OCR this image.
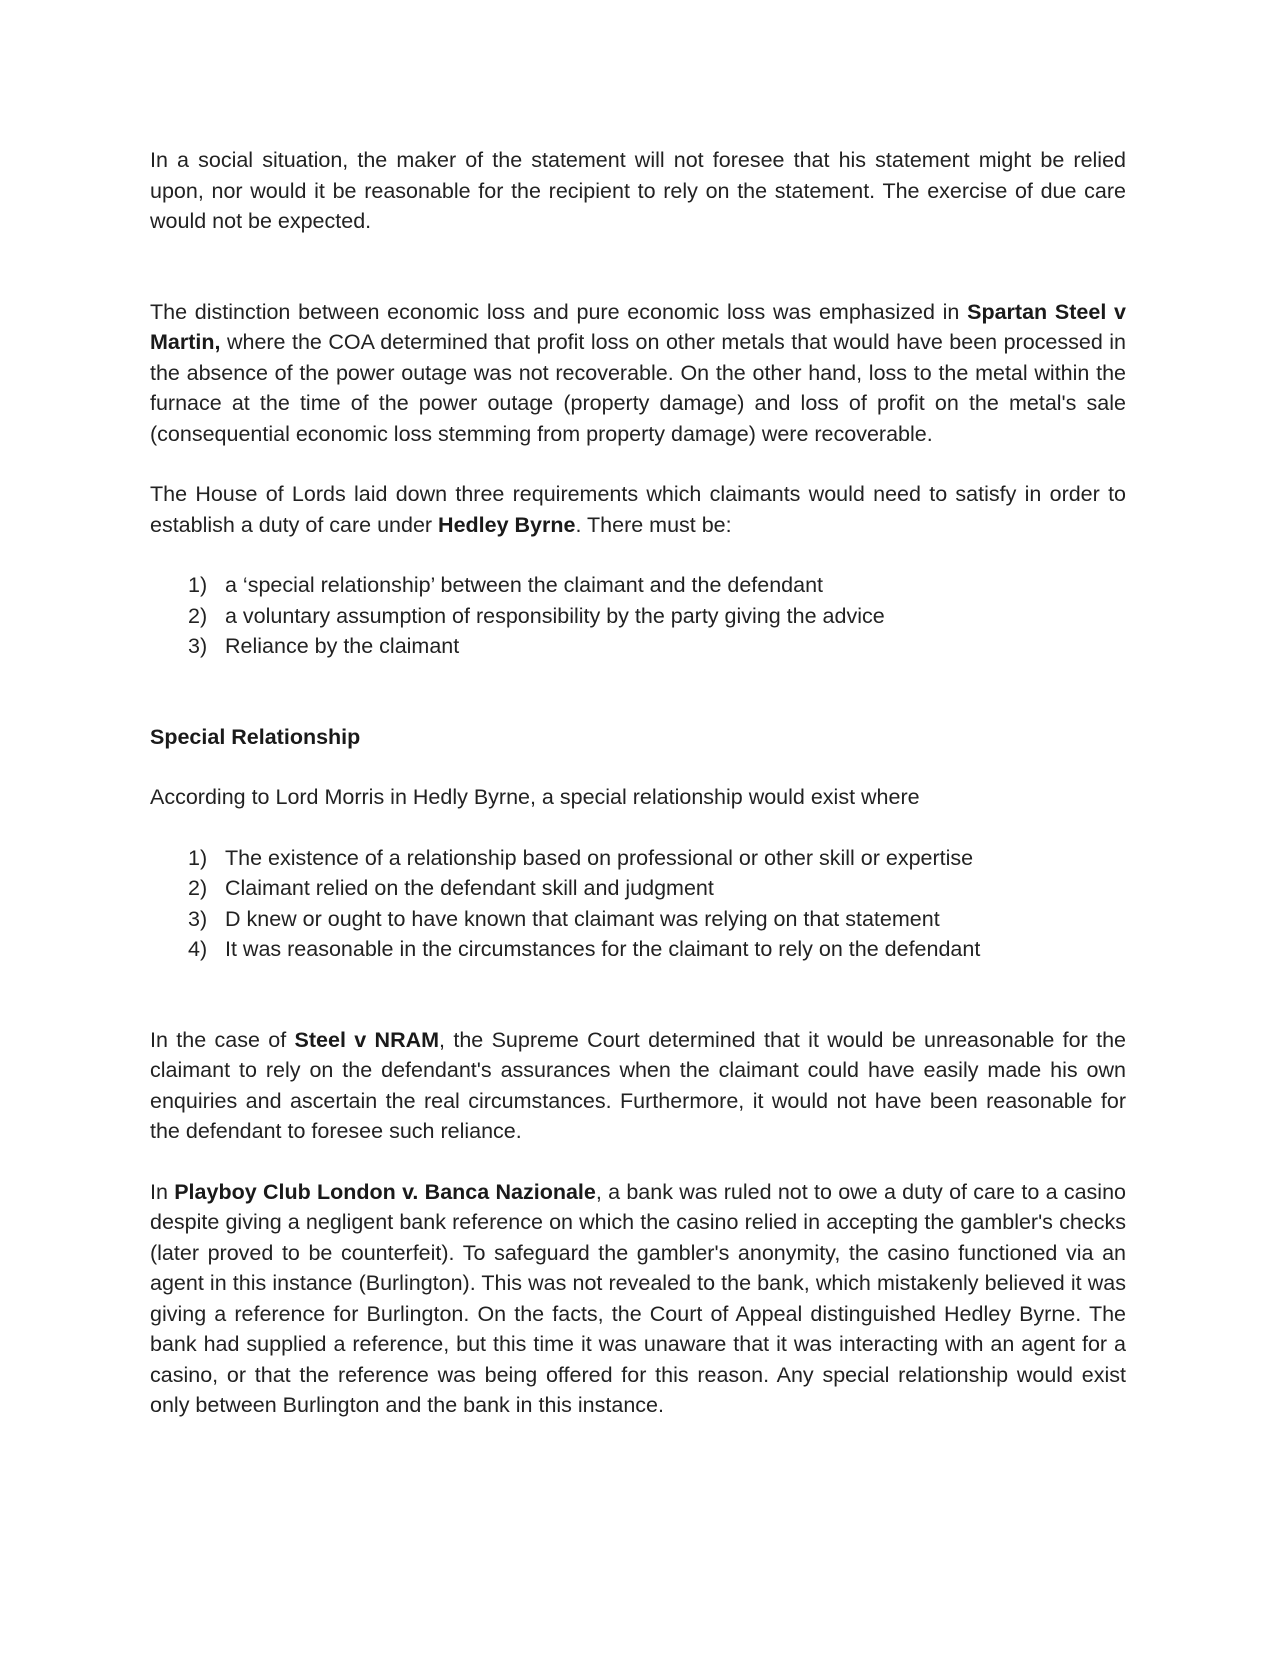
In a social situation, the maker of the statement will not foresee that his statement might be relied upon, nor would it be reasonable for the recipient to rely on the statement. The exercise of due care would not be expected.

The distinction between economic loss and pure economic loss was emphasized in Spartan Steel v Martin, where the COA determined that profit loss on other metals that would have been processed in the absence of the power outage was not recoverable. On the other hand, loss to the metal within the furnace at the time of the power outage (property damage) and loss of profit on the metal's sale (consequential economic loss stemming from property damage) were recoverable.

The House of Lords laid down three requirements which claimants would need to satisfy in order to establish a duty of care under Hedley Byrne. There must be:

1) a ‘special relationship’ between the claimant and the defendant
2) a voluntary assumption of responsibility by the party giving the advice
3) Reliance by the claimant

Special Relationship

According to Lord Morris in Hedly Byrne, a special relationship would exist where

1) The existence of a relationship based on professional or other skill or expertise
2) Claimant relied on the defendant skill and judgment
3) D knew or ought to have known that claimant was relying on that statement
4) It was reasonable in the circumstances for the claimant to rely on the defendant

In the case of Steel v NRAM, the Supreme Court determined that it would be unreasonable for the claimant to rely on the defendant's assurances when the claimant could have easily made his own enquiries and ascertain the real circumstances. Furthermore, it would not have been reasonable for the defendant to foresee such reliance.

In Playboy Club London v. Banca Nazionale, a bank was ruled not to owe a duty of care to a casino despite giving a negligent bank reference on which the casino relied in accepting the gambler's checks (later proved to be counterfeit). To safeguard the gambler's anonymity, the casino functioned via an agent in this instance (Burlington). This was not revealed to the bank, which mistakenly believed it was giving a reference for Burlington. On the facts, the Court of Appeal distinguished Hedley Byrne. The bank had supplied a reference, but this time it was unaware that it was interacting with an agent for a casino, or that the reference was being offered for this reason. Any special relationship would exist only between Burlington and the bank in this instance.
